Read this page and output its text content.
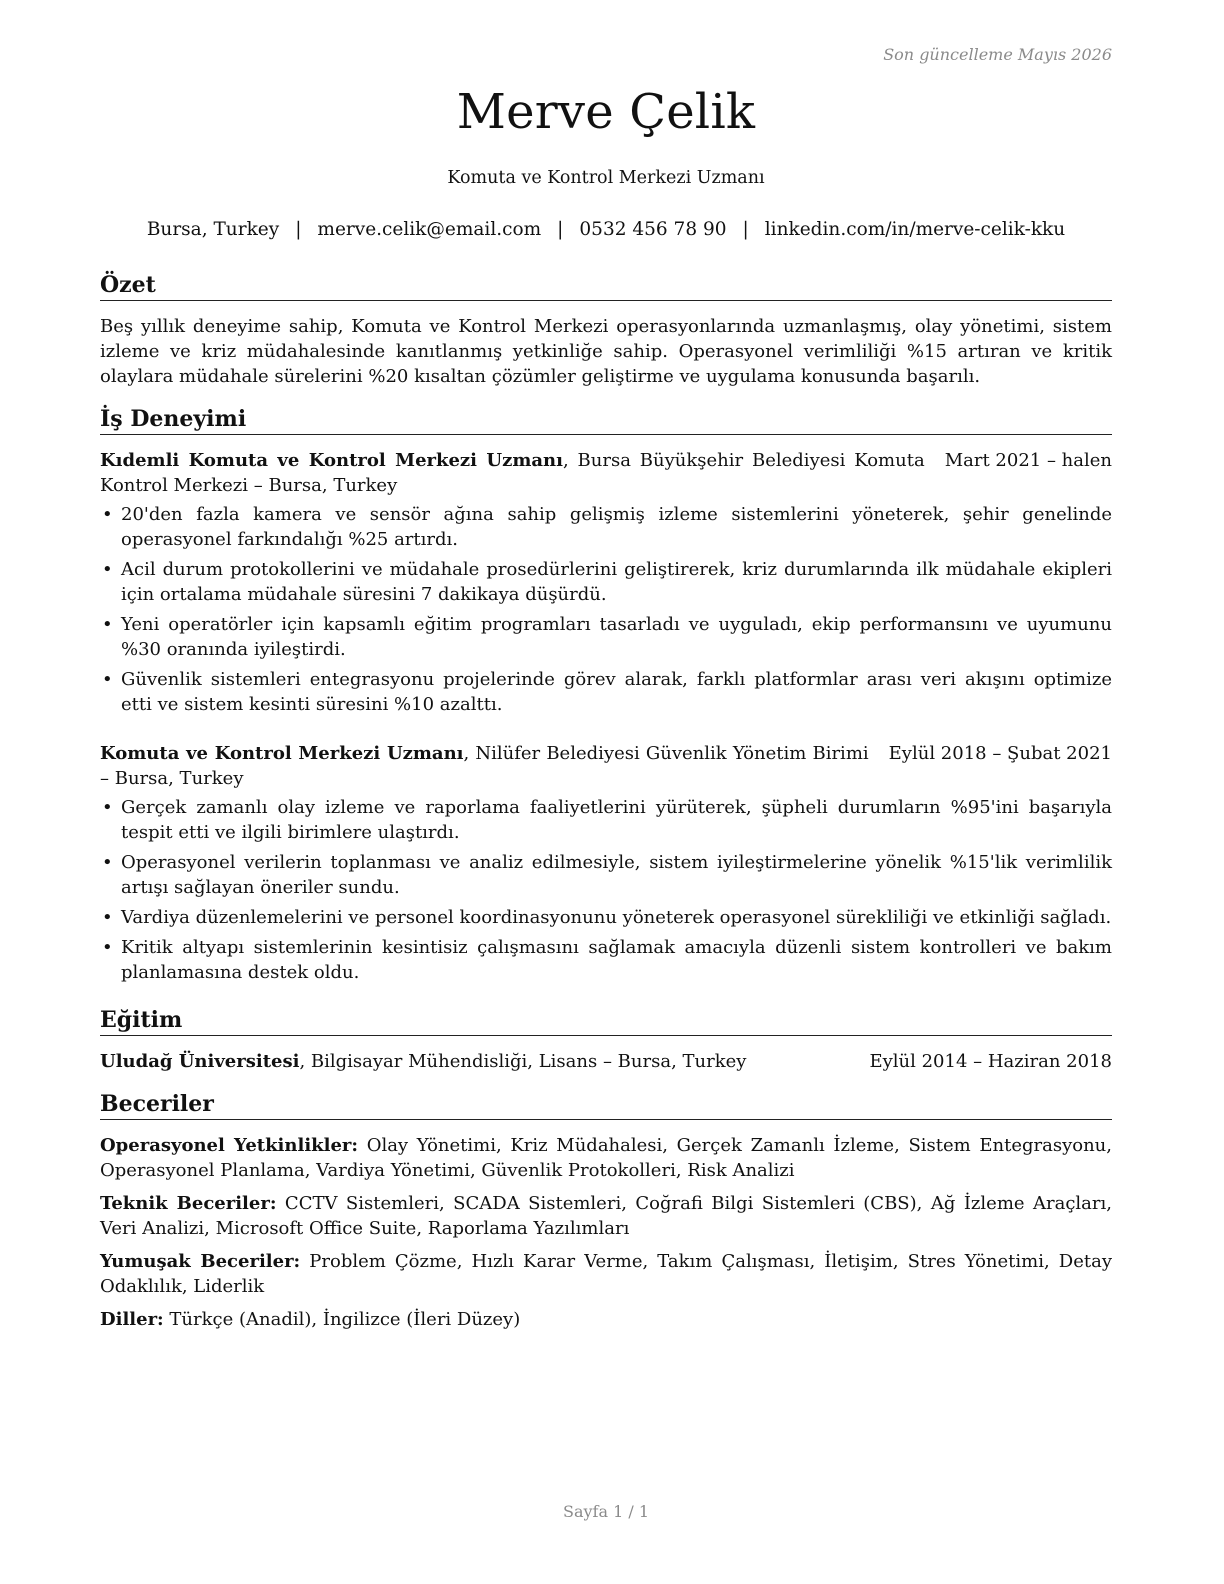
Son güncelleme Mayıs 2026
Merve Çelik
Komuta ve Kontrol Merkezi Uzmanı
Bursa, Turkey | merve.celik@email.com | 0532 456 78 90 | linkedin.com/in/merve-celik-kku
Özet
Beş yıllık deneyime sahip, Komuta ve Kontrol Merkezi operasyonlarında uzmanlaşmış, olay yönetimi, sistem izleme ve kriz müdahalesinde kanıtlanmış yetkinliğe sahip. Operasyonel verimliliği %15 artıran ve kritik olaylara müdahale sürelerini %20 kısaltan çözümler geliştirme ve uygulama konusunda başarılı.
İş Deneyimi
Mart 2021 – halen
Kıdemli Komuta ve Kontrol Merkezi Uzmanı, Bursa Büyükşehir Belediyesi Komuta Kontrol Merkezi – Bursa, Turkey
• 20'den fazla kamera ve sensör ağına sahip gelişmiş izleme sistemlerini yöneterek, şehir genelinde operasyonel farkındalığı %25 artırdı.
• Acil durum protokollerini ve müdahale prosedürlerini geliştirerek, kriz durumlarında ilk müdahale ekipleri için ortalama müdahale süresini 7 dakikaya düşürdü.
• Yeni operatörler için kapsamlı eğitim programları tasarladı ve uyguladı, ekip performansını ve uyumunu %30 oranında iyileştirdi.
• Güvenlik sistemleri entegrasyonu projelerinde görev alarak, farklı platformlar arası veri akışını optimize etti ve sistem kesinti süresini %10 azalttı.
Eylül 2018 – Şubat 2021
Komuta ve Kontrol Merkezi Uzmanı, Nilüfer Belediyesi Güvenlik Yönetim Birimi – Bursa, Turkey
• Gerçek zamanlı olay izleme ve raporlama faaliyetlerini yürüterek, şüpheli durumların %95'ini başarıyla tespit etti ve ilgili birimlere ulaştırdı.
• Operasyonel verilerin toplanması ve analiz edilmesiyle, sistem iyileştirmelerine yönelik %15'lik verimlilik artışı sağlayan öneriler sundu.
• Vardiya düzenlemelerini ve personel koordinasyonunu yöneterek operasyonel sürekliliği ve etkinliği sağladı.
• Kritik altyapı sistemlerinin kesintisiz çalışmasını sağlamak amacıyla düzenli sistem kontrolleri ve bakım planlamasına destek oldu.
Eğitim
Eylül 2014 – Haziran 2018
Uludağ Üniversitesi, Bilgisayar Mühendisliği, Lisans – Bursa, Turkey
Beceriler
Operasyonel Yetkinlikler: Olay Yönetimi, Kriz Müdahalesi, Gerçek Zamanlı İzleme, Sistem Entegrasyonu, Operasyonel Planlama, Vardiya Yönetimi, Güvenlik Protokolleri, Risk Analizi
Teknik Beceriler: CCTV Sistemleri, SCADA Sistemleri, Coğrafi Bilgi Sistemleri (CBS), Ağ İzleme Araçları, Veri Analizi, Microsoft Office Suite, Raporlama Yazılımları
Yumuşak Beceriler: Problem Çözme, Hızlı Karar Verme, Takım Çalışması, İletişim, Stres Yönetimi, Detay Odaklılık, Liderlik
Diller: Türkçe (Anadil), İngilizce (İleri Düzey)
Sayfa 1 / 1
